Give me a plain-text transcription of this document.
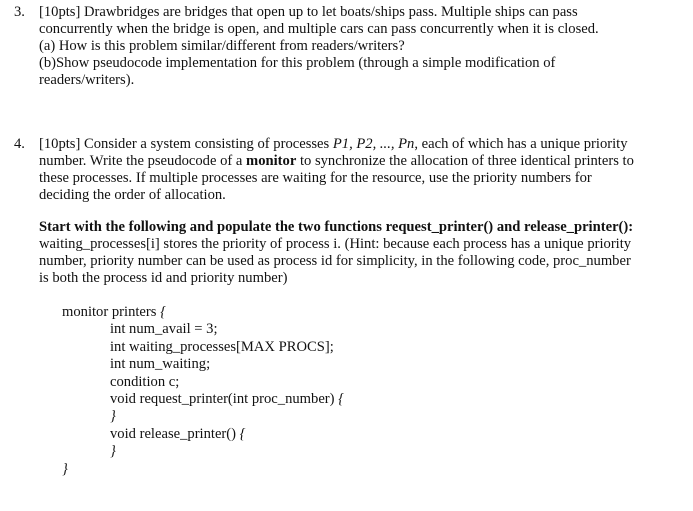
3. [10pts] Drawbridges are bridges that open up to let boats/ships pass. Multiple ships can pass
concurrently when the bridge is open, and multiple cars can pass concurrently when it is closed.
(a) How is this problem similar/different from readers/writers?
(b)Show pseudocode implementation for this problem (through a simple modification of
readers/writers).
4. [10pts] Consider a system consisting of processes P1, P2, ..., Pn, each of which has a unique priority
number. Write the pseudocode of a monitor to synchronize the allocation of three identical printers to
these processes. If multiple processes are waiting for the resource, use the priority numbers for
deciding the order of allocation.
Start with the following and populate the two functions request_printer() and release_printer():
waiting_processes[i] stores the priority of process i. (Hint: because each process has a unique priority
number, priority number can be used as process id for simplicity, in the following code, proc_number
is both the process id and priority number)
monitor printers {
int num_avail = 3;
int waiting_processes[MAX PROCS];
int num_waiting;
condition c;
void request_printer(int proc_number) {
}
void release_printer() {
}
}
